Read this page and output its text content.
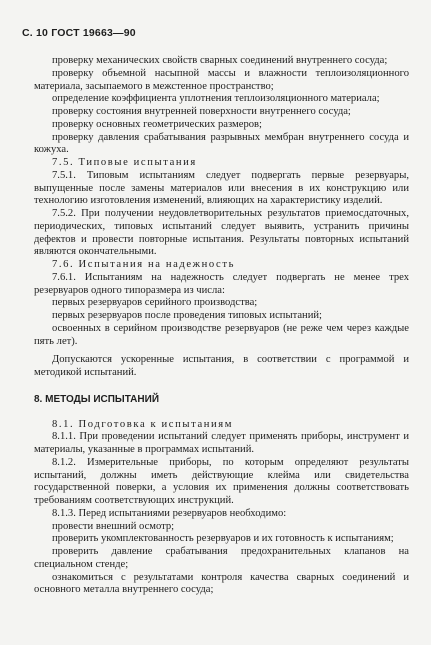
С. 10 ГОСТ 19663—90

проверку механических свойств сварных соединений внутреннего сосуда;

проверку объемной насыпной массы и влажности теплоизоляционного материала, засыпаемого в межстенное пространство;

определение коэффициента уплотнения теплоизоляционного материала;

проверку состояния внутренней поверхности внутреннего сосуда;

проверку основных геометрических размеров;

проверку давления срабатывания разрывных мембран внутреннего сосуда и кожуха.

7.5. Типовые испытания

7.5.1. Типовым испытаниям следует подвергать первые резервуары, выпущенные после замены материалов или внесения в их конструкцию или технологию изготовления изменений, влияющих на характеристику изделий.

7.5.2. При получении неудовлетворительных результатов приемосдаточных, периодических, типовых испытаний следует выявить, устранить причины дефектов и провести повторные испытания. Результаты повторных испытаний являются окончательными.

7.6. Испытания на надежность

7.6.1. Испытаниям на надежность следует подвергать не менее трех резервуаров одного типоразмера из числа:

первых резервуаров серийного производства;

первых резервуаров после проведения типовых испытаний;

освоенных в серийном производстве резервуаров (не реже чем через каждые пять лет).

Допускаются ускоренные испытания, в соответствии с программой и методикой испытаний.

8. МЕТОДЫ ИСПЫТАНИЙ

8.1. Подготовка к испытаниям

8.1.1. При проведении испытаний следует применять приборы, инструмент и материалы, указанные в программах испытаний.

8.1.2. Измерительные приборы, по которым определяют результаты испытаний, должны иметь действующие клейма или свидетельства государственной поверки, а условия их применения должны соответствовать требованиям соответствующих инструкций.

8.1.3. Перед испытаниями резервуаров необходимо:

провести внешний осмотр;

проверить укомплектованность резервуаров и их готовность к испытаниям;

проверить давление срабатывания предохранительных клапанов на специальном стенде;

ознакомиться с результатами контроля качества сварных соединений и основного металла внутреннего сосуда;
